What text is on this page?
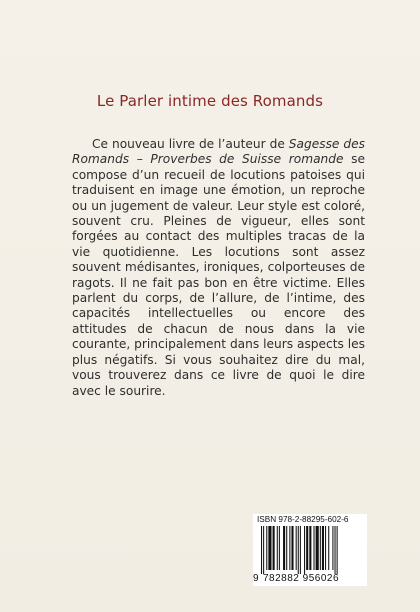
Le Parler intime des Romands
Ce nouveau livre de l’auteur de Sagesse des Romands – Proverbes de Suisse romande se compose d’un recueil de locutions patoises qui traduisent en image une émotion, un reproche ou un jugement de valeur. Leur style est coloré, souvent cru. Pleines de vigueur, elles sont forgées au contact des multiples tracas de la vie quotidienne. Les locutions sont assez souvent médisantes, ironiques, colporteuses de ragots. Il ne fait pas bon en être victime. Elles parlent du corps, de l’allure, de l’intime, des capacités intellectuelles ou encore des attitudes de chacun de nous dans la vie courante, principalement dans leurs aspects les plus négatifs. Si vous souhaitez dire du mal, vous trouverez dans ce livre de quoi le dire avec le sourire.
ISBN 978-2-88295-602-6
9 782882 956026
